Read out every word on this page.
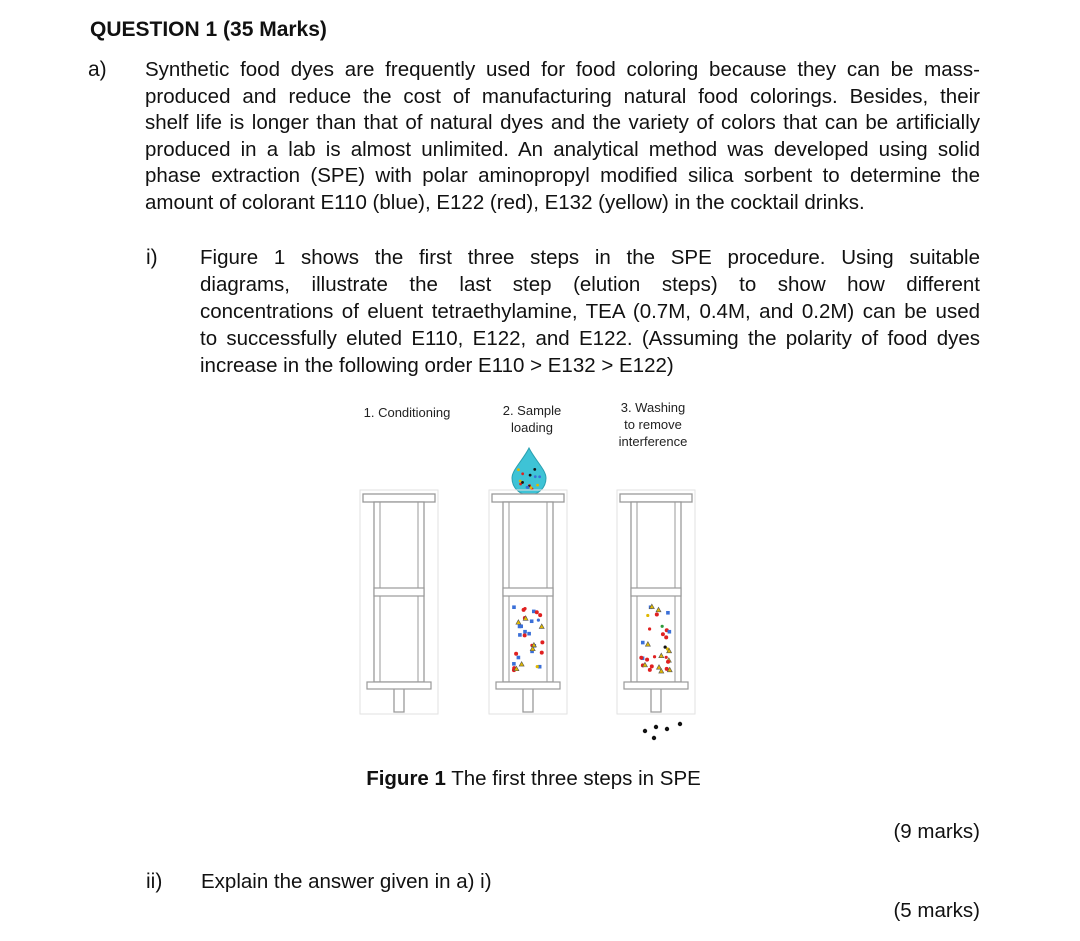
QUESTION 1 (35 Marks)
a) Synthetic food dyes are frequently used for food coloring because they can be mass-
produced and reduce the cost of manufacturing natural food colorings. Besides, their
shelf life is longer than that of natural dyes and the variety of colors that can be artificially
produced in a lab is almost unlimited. An analytical method was developed using solid
phase extraction (SPE) with polar aminopropyl modified silica sorbent to determine the
amount of colorant E110 (blue), E122 (red), E132 (yellow) in the cocktail drinks.
i) Figure 1 shows the first three steps in the SPE procedure. Using suitable
diagrams, illustrate the last step (elution steps) to show how different
concentrations of eluent tetraethylamine, TEA (0.7M, 0.4M, and 0.2M) can be used
to successfully eluted E110, E122, and E122. (Assuming the polarity of food dyes
increase in the following order E110 > E132 > E122)
1. Conditioning	2. Sample
loading
3. Washing
to remove
interference
Figure 1 The first three steps in SPE
(9 marks)
ii) Explain the answer given in a) i)
(5 marks)
